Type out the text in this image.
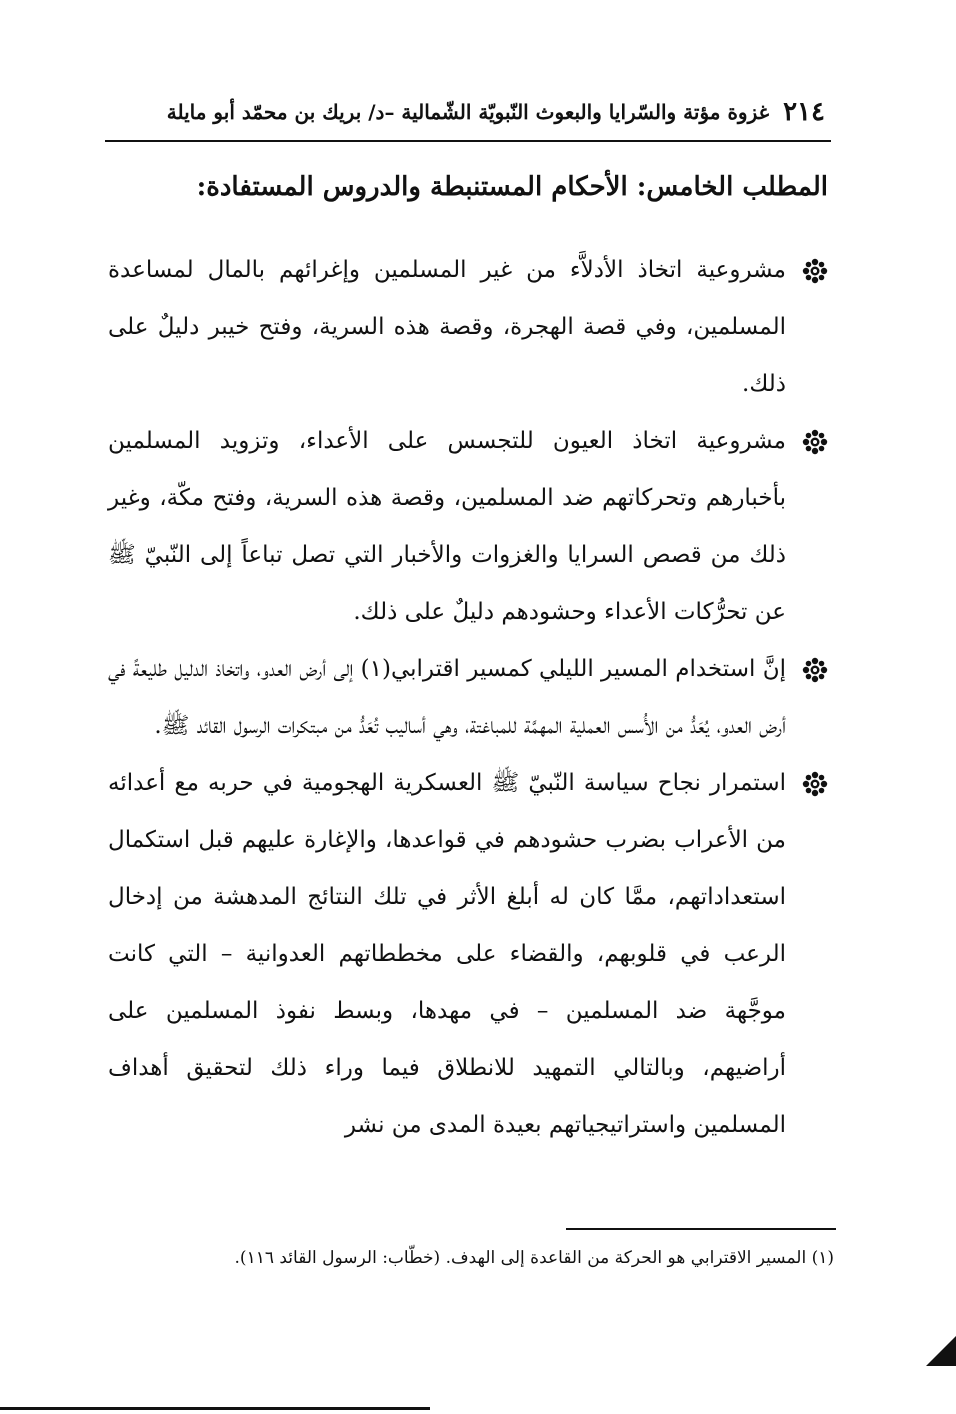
٢١٤
غزوة مؤتة والسّرايا والبعوث النّبويّة الشّمالية –د/ بريك بن محمّد أبو مايلة
المطلب الخامس: الأحكام المستنبطة والدروس المستفادة:
مشروعية اتخاذ الأدلاَّء من غير المسلمين وإغرائهم بالمال لمساعدة المسلمين، وفي قصة الهجرة، وقصة هذه السرية، وفتح خيبر دليلٌ على ذلك.
مشروعية اتخاذ العيون للتجسس على الأعداء، وتزويد المسلمين بأخبارهم وتحركاتهم ضد المسلمين، وقصة هذه السرية، وفتح مكّة، وغير ذلك من قصص السرايا والغزوات والأخبار التي تصل تباعاً إلى النّبيّ ﷺ عن تحرُّكات الأعداء وحشودهم دليلٌ على ذلك.
إنَّ استخدام المسير الليلي كمسير اقترابي(١) إلى أرض العدو، واتخاذ الدليل طليعةً في أرض العدو، يُعَدُّ من الأُسس العملية المهمَّة للمباغتة، وهي أساليب تُعَدُّ من مبتكرات الرسول القائد ﷺ.
استمرار نجاح سياسة النّبيّ ﷺ العسكرية الهجومية في حربه مع أعدائه من الأعراب بضرب حشودهم في قواعدها، والإغارة عليهم قبل استكمال استعداداتهم، ممَّا كان له أبلغ الأثر في تلك النتائج المدهشة من إدخال الرعب في قلوبهم، والقضاء على مخططاتهم العدوانية – التي كانت موجَّهة ضد المسلمين – في مهدها، وبسط نفوذ المسلمين على أراضيهم، وبالتالي التمهيد للانطلاق فيما وراء ذلك لتحقيق أهداف المسلمين واستراتيجياتهم بعيدة المدى من نشر
(١) المسير الاقترابي هو الحركة من القاعدة إلى الهدف. (خطّاب: الرسول القائد ١١٦).
